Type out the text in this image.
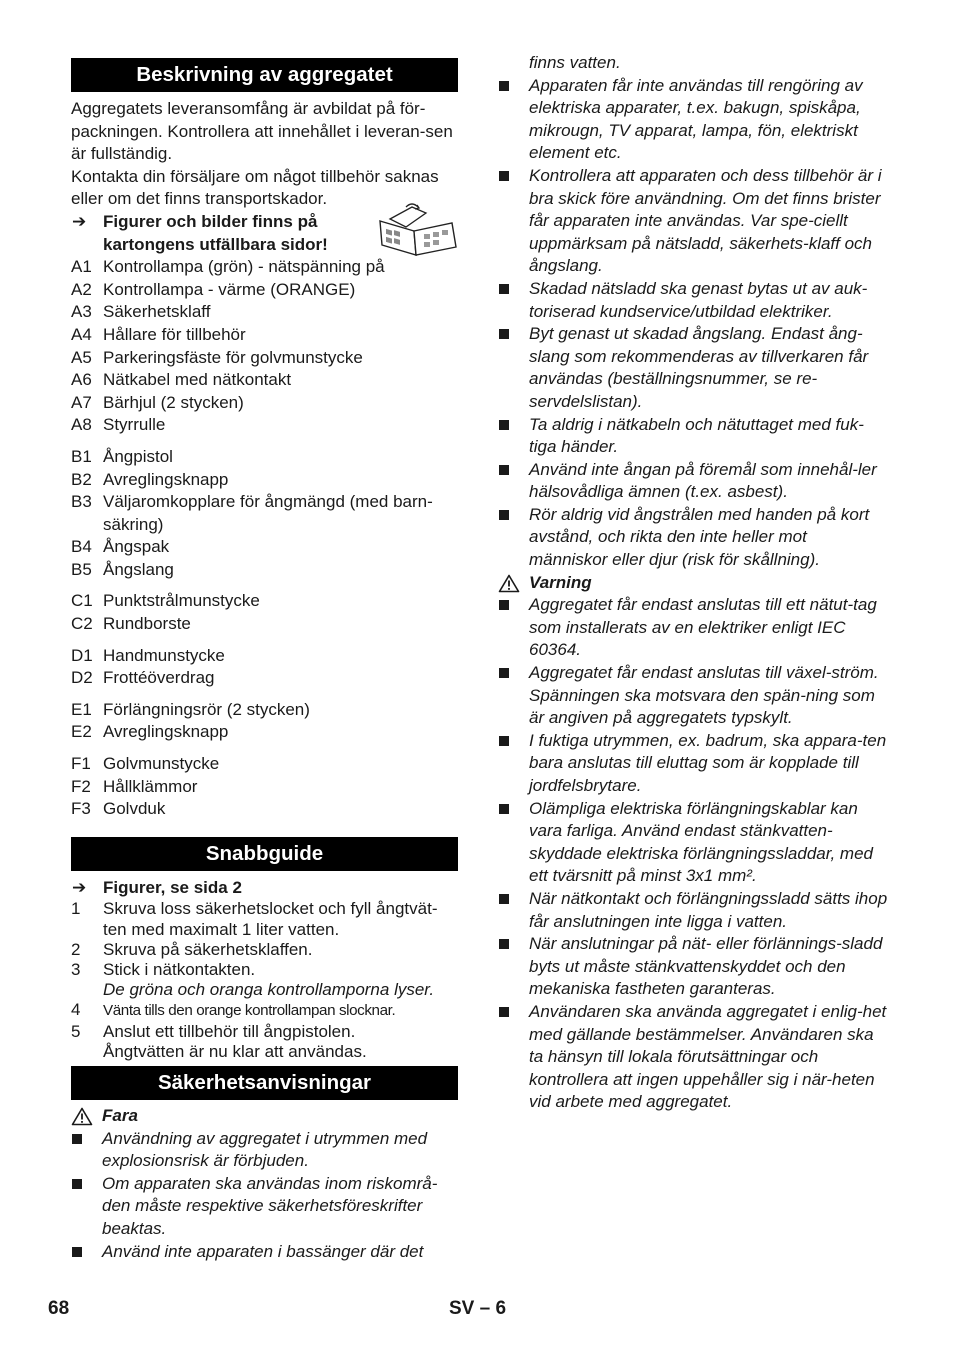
Beskrivning av aggregatet

Aggregatets leveransomfång är avbildat på för-packningen. Kontrollera att innehållet i leveran-sen är fullständig.

Kontakta din försäljare om något tillbehör saknas eller om det finns transportskador.

➔ Figurer och bilder finns på kartongens utfällbara sidor!
A1 Kontrollampa (grön) - nätspänning på
A2 Kontrollampa - värme (ORANGE)
A3 Säkerhetsklaff
A4 Hållare för tillbehör
A5 Parkeringsfäste för golvmunstycke
A6 Nätkabel med nätkontakt
A7 Bärhjul (2 stycken)
A8 Styrrulle
B1 Ångpistol
B2 Avreglingsknapp
B3 Väljaromkopplare för ångmängd (med barn-säkring)
B4 Ångspak
B5 Ångslang
C1 Punktstrålmunstycke
C2 Rundborste
D1 Handmunstycke
D2 Frottéöverdrag
E1 Förlängningsrör (2 stycken)
E2 Avreglingsknapp
F1 Golvmunstycke
F2 Hållklämmor
F3 Golvduk
Snabbguide
➔ Figurer, se sida 2
1 Skruva loss säkerhetslocket och fyll ångtvät-ten med maximalt 1 liter vatten.
2 Skruva på säkerhetsklaffen.
3 Stick i nätkontakten.
De gröna och oranga kontrollamporna lyser.
4 Vänta tills den orange kontrollampan slocknar.
5 Anslut ett tillbehör till ångpistolen.
Ångtvätten är nu klar att användas.
Säkerhetsanvisningar
Fara
Användning av aggregatet i utrymmen med explosionsrisk är förbjuden.
Om apparaten ska användas inom riskområ-den måste respektive säkerhetsföreskrifter beaktas.
Använd inte apparaten i bassänger där det
finns vatten.
Apparaten får inte användas till rengöring av elektriska apparater, t.ex. bakugn, spiskåpa, mikrougn, TV apparat, lampa, fön, elektriskt element etc.
Kontrollera att apparaten och dess tillbehör är i bra skick före användning. Om det finns brister får apparaten inte användas. Var spe-ciellt uppmärksam på nätsladd, säkerhets-klaff och ångslang.
Skadad nätsladd ska genast bytas ut av auk-toriserad kundservice/utbildad elektriker.
Byt genast ut skadad ångslang. Endast ång-slang som rekommenderas av tillverkaren får användas (beställningsnummer, se re-servdelslistan).
Ta aldrig i nätkabeln och nätuttaget med fuk-tiga händer.
Använd inte ångan på föremål som innehål-ler hälsovådliga ämnen (t.ex. asbest).
Rör aldrig vid ångstrålen med handen på kort avstånd, och rikta den inte heller mot människor eller djur (risk för skållning).
Varning
Aggregatet får endast anslutas till ett nätut-tag som installerats av en elektriker enligt IEC 60364.
Aggregatet får endast anslutas till växel-ström. Spänningen ska motsvara den spän-ning som är angiven på aggregatets typskylt.
I fuktiga utrymmen, ex. badrum, ska appara-ten bara anslutas till eluttag som är kopplade till jordfelsbrytare.
Olämpliga elektriska förlängningskablar kan vara farliga. Använd endast stänkvatten-skyddade elektriska förlängningssladdar, med ett tvärsnitt på minst 3x1 mm².
När nätkontakt och förlängningssladd sätts ihop får anslutningen inte ligga i vatten.
När anslutningar på nät- eller förlännings-sladd byts ut måste stänkvattenskyddet och den mekaniska fastheten garanteras.
Användaren ska använda aggregatet i enlig-het med gällande bestämmelser. Användaren ska ta hänsyn till lokala förutsättningar och kontrollera att ingen uppehåller sig i när-heten vid arbete med aggregatet.
68	SV – 6
